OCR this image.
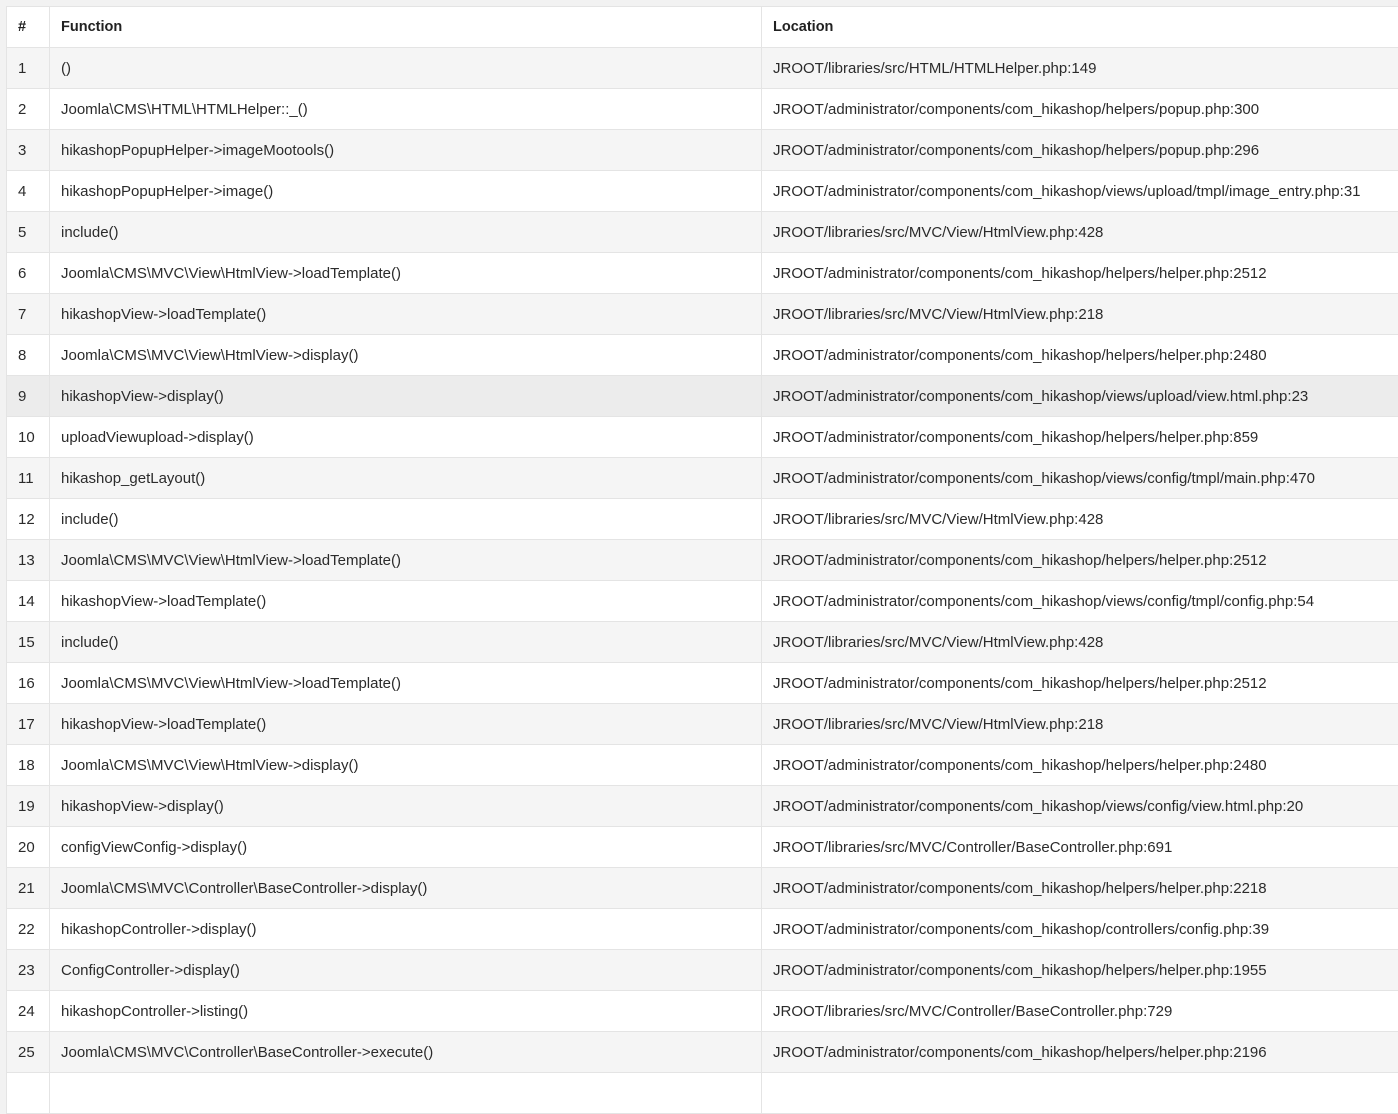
#	Function	Location
1	()	JROOT/libraries/src/HTML/HTMLHelper.php:149
2	Joomla\CMS\HTML\HTMLHelper::_()	JROOT/administrator/components/com_hikashop/helpers/popup.php:300
3	hikashopPopupHelper->imageMootools()	JROOT/administrator/components/com_hikashop/helpers/popup.php:296
4	hikashopPopupHelper->image()	JROOT/administrator/components/com_hikashop/views/upload/tmpl/image_entry.php:31
5	include()	JROOT/libraries/src/MVC/View/HtmlView.php:428
6	Joomla\CMS\MVC\View\HtmlView->loadTemplate()	JROOT/administrator/components/com_hikashop/helpers/helper.php:2512
7	hikashopView->loadTemplate()	JROOT/libraries/src/MVC/View/HtmlView.php:218
8	Joomla\CMS\MVC\View\HtmlView->display()	JROOT/administrator/components/com_hikashop/helpers/helper.php:2480
9	hikashopView->display()	JROOT/administrator/components/com_hikashop/views/upload/view.html.php:23
10	uploadViewupload->display()	JROOT/administrator/components/com_hikashop/helpers/helper.php:859
11	hikashop_getLayout()	JROOT/administrator/components/com_hikashop/views/config/tmpl/main.php:470
12	include()	JROOT/libraries/src/MVC/View/HtmlView.php:428
13	Joomla\CMS\MVC\View\HtmlView->loadTemplate()	JROOT/administrator/components/com_hikashop/helpers/helper.php:2512
14	hikashopView->loadTemplate()	JROOT/administrator/components/com_hikashop/views/config/tmpl/config.php:54
15	include()	JROOT/libraries/src/MVC/View/HtmlView.php:428
16	Joomla\CMS\MVC\View\HtmlView->loadTemplate()	JROOT/administrator/components/com_hikashop/helpers/helper.php:2512
17	hikashopView->loadTemplate()	JROOT/libraries/src/MVC/View/HtmlView.php:218
18	Joomla\CMS\MVC\View\HtmlView->display()	JROOT/administrator/components/com_hikashop/helpers/helper.php:2480
19	hikashopView->display()	JROOT/administrator/components/com_hikashop/views/config/view.html.php:20
20	configViewConfig->display()	JROOT/libraries/src/MVC/Controller/BaseController.php:691
21	Joomla\CMS\MVC\Controller\BaseController->display()	JROOT/administrator/components/com_hikashop/helpers/helper.php:2218
22	hikashopController->display()	JROOT/administrator/components/com_hikashop/controllers/config.php:39
23	ConfigController->display()	JROOT/administrator/components/com_hikashop/helpers/helper.php:1955
24	hikashopController->listing()	JROOT/libraries/src/MVC/Controller/BaseController.php:729
25	Joomla\CMS\MVC\Controller\BaseController->execute()	JROOT/administrator/components/com_hikashop/helpers/helper.php:2196
